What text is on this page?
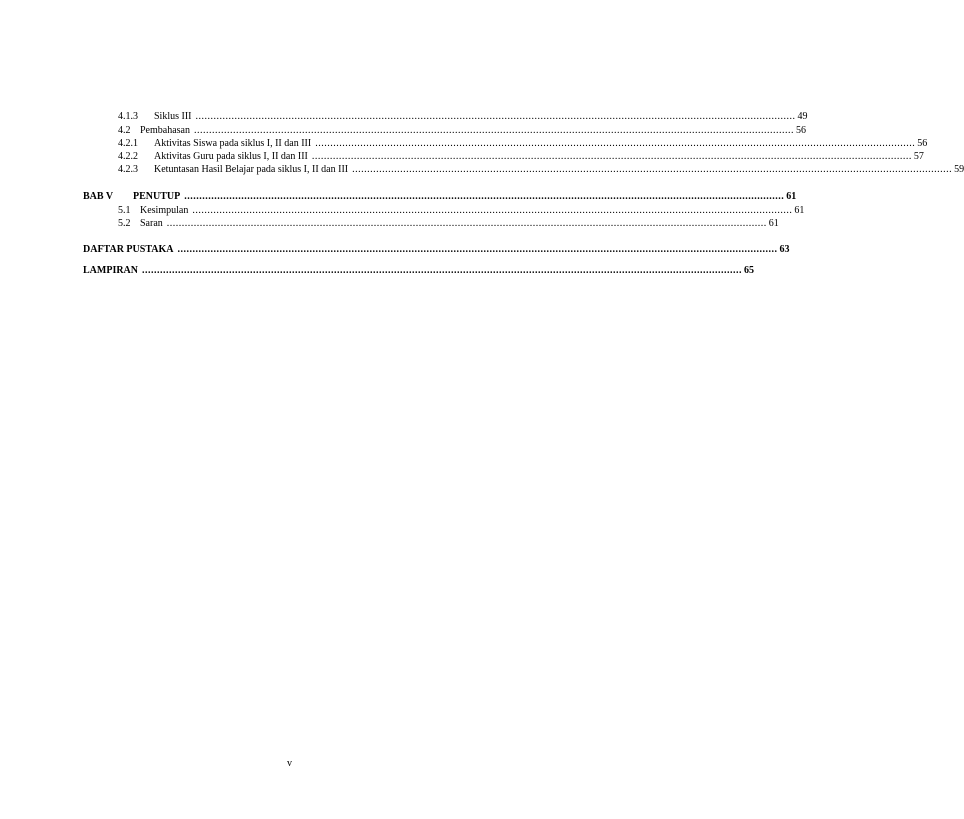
4.1.3	Siklus III ........................................................................................................................................................................................................ 49
4.2 Pembahasan ........................................................................................................................................................................................................ 56
4.2.1	Aktivitas Siswa pada siklus I, II dan III ........................................................................................................................................................................................................ 56
4.2.2	Aktivitas Guru pada siklus I, II dan III ........................................................................................................................................................................................................ 57
4.2.3	Ketuntasan Hasil Belajar pada siklus I, II dan III ........................................................................................................................................................................................................ 59
BAB V	PENUTUP ........................................................................................................................................................................................................ 61
5.1 Kesimpulan ........................................................................................................................................................................................................ 61
5.2 Saran ........................................................................................................................................................................................................ 61
DAFTAR PUSTAKA ........................................................................................................................................................................................................ 63
LAMPIRAN ........................................................................................................................................................................................................ 65
v
